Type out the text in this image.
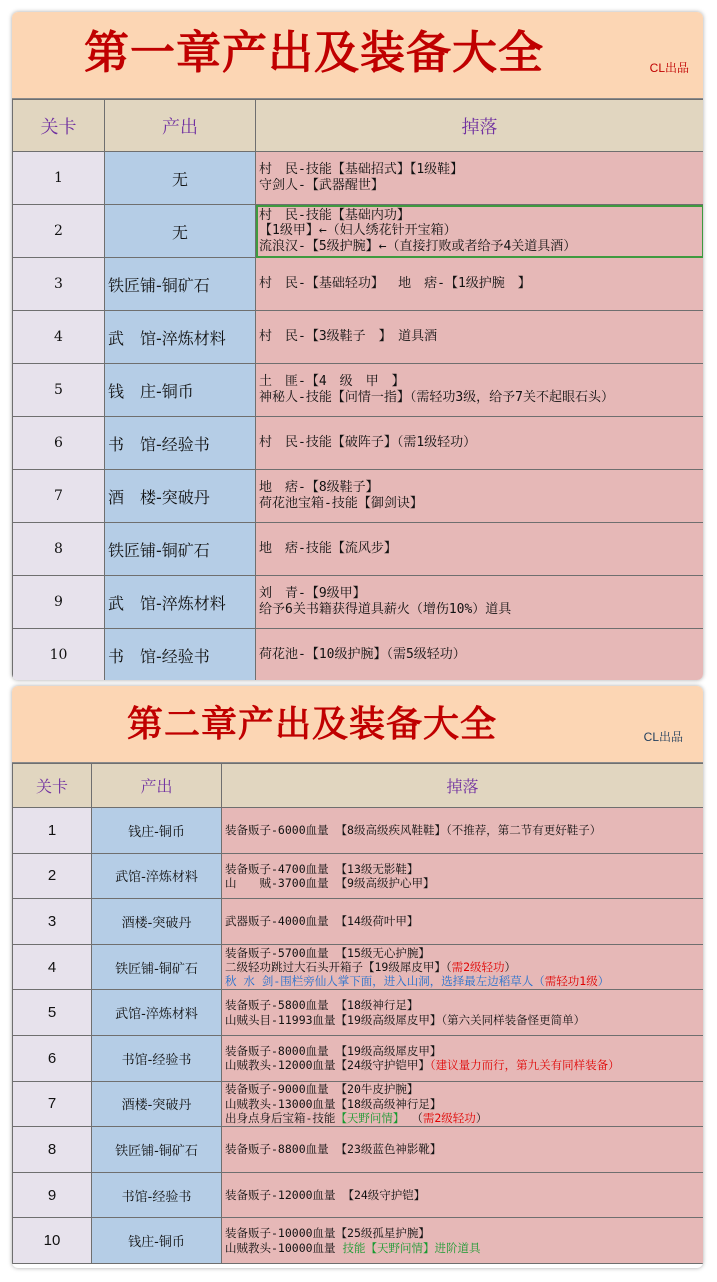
第一章产出及装备大全	CL出品
关卡	产出	掉落
1	无	村　民-技能【基础招式】【1级鞋】
守剑人-【武器醒世】

2	无	村　民-技能【基础内功】
【1级甲】←（妇人绣花针开宝箱）
流浪汉-【5级护腕】←（直接打败或者给予4关道具酒）

3	铁匠铺-铜矿石	村　民-【基础轻功】　 地　痞-【1级护腕　】

4	武　馆-淬炼材料	村　民-【3级鞋子　】　道具酒

5	钱　庄-铜币	土　匪-【4　级　甲　】
神秘人-技能【问情一指】（需轻功3级，给予7关不起眼石头）

6	书　馆-经验书	村　民-技能【破阵子】（需1级轻功）

7	酒　楼-突破丹	地　痞-【8级鞋子】
荷花池宝箱-技能【御剑诀】

8	铁匠铺-铜矿石	地　痞-技能【流风步】

9	武　馆-淬炼材料	刘　青-【9级甲】
给予6关书籍获得道具薪火（增伤10%）道具

10	书　馆-经验书	荷花池-【10级护腕】（需5级轻功）
第二章产出及装备大全	CL出品
关卡	产出	掉落
1	钱庄-铜币	装备贩子-6000血量 【8级高级疾风鞋鞋】（不推荐，第二节有更好鞋子）

2	武馆-淬炼材料	装备贩子-4700血量 【13级无影鞋】
山　　贼-3700血量 【9级高级护心甲】

3	酒楼-突破丹	武器贩子-4000血量 【14级荷叶甲】

4	铁匠铺-铜矿石	装备贩子-5700血量 【15级无心护腕】
二级轻功跳过大石头开箱子【19级犀皮甲】（需2级轻功）
秋 水 剑-围栏旁仙人掌下面，进入山洞，选择最左边稻草人（需轻功1级）

5	武馆-淬炼材料	装备贩子-5800血量 【18级神行足】
山贼头目-11993血量【19级高级犀皮甲】（第六关同样装备怪更简单）

6	书馆-经验书	装备贩子-8000血量 【19级高级犀皮甲】
山贼教头-12000血量【24级守护铠甲】（建议量力而行，第九关有同样装备）

7	酒楼-突破丹	装备贩子-9000血量 【20牛皮护腕】
山贼教头-13000血量【18级高级神行足】
出身点身后宝箱-技能【天野问情】 （需2级轻功）

8	铁匠铺-铜矿石	装备贩子-8800血量 【23级蓝色神影靴】

9	书馆-经验书	装备贩子-12000血量 【24级守护铠】

10	钱庄-铜币	装备贩子-10000血量【25级孤星护腕】
山贼教头-10000血量 技能【天野问情】进阶道具
